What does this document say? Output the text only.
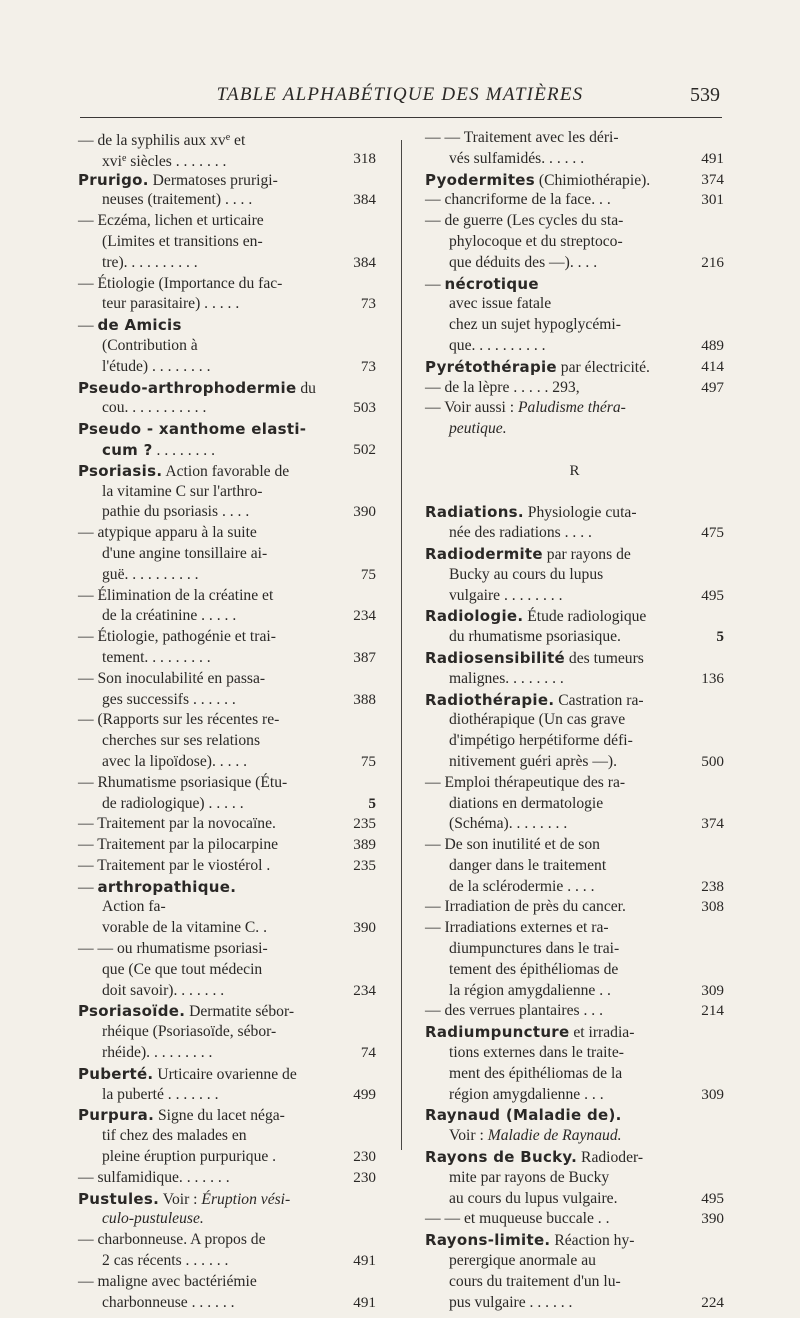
TABLE ALPHABÉTIQUE DES MATIÈRES	539
— de la syphilis aux $xv^e$ et
xvi$^e$ siècles . . . . . . .	318
Prurigo. Dermatoses prurigi-
neuses (traitement) . . . .	384
— Eczéma, lichen et urticaire
(Limites et transitions en-
tre). . . . . . . . . .	384
— Étiologie (Importance du fac-
teur parasitaire) . . . . .	73
— de Amicis
(Contribution à
l'étude) . . . . . . . .	73
Pseudo-arthrophodermie du
cou. . . . . . . . . . .	503
Pseudo - xanthome elasti-
cum ? . . . . . . . .	502
Psoriasis. Action favorable de
la vitamine C sur l'arthro-
pathie du psoriasis . . . .	390
— atypique apparu à la suite
d'une angine tonsillaire ai-
guë. . . . . . . . . .	75
— Élimination de la créatine et
de la créatinine . . . . .	234
— Étiologie, pathogénie et trai-
tement. . . . . . . . .	387
— Son inoculabilité en passa-
ges successifs . . . . . .	388
— (Rapports sur les récentes re-
cherches sur ses relations
avec la lipoïdose). . . . .	75
— Rhumatisme psoriasique (Étu-
de radiologique) . . . . .	5
— Traitement par la novocaïne.	235
— Traitement par la pilocarpine	389
— Traitement par le viostérol .	235
— arthropathique.
Action fa-
vorable de la vitamine C. .	390
— — ou rhumatisme psoriasi-
que (Ce que tout médecin
doit savoir). . . . . . .	234
Psoriasoïde. Dermatite sébor-
rhéique (Psoriasoïde, sébor-
rhéide). . . . . . . . .	74
Puberté. Urticaire ovarienne de
la puberté . . . . . . .	499
Purpura. Signe du lacet néga-
tif chez des malades en
pleine éruption purpurique .	230
— sulfamidique. . . . . . .	230
Pustules. Voir : Éruption vési-
culo-pustuleuse.
— charbonneuse. A propos de
2 cas récents . . . . . .	491
— maligne avec bactériémie
charbonneuse . . . . . .	491
— — Traitement avec les déri-
vés sulfamidés. . . . . .	491
Pyodermites (Chimiothérapie).	374
— chancriforme de la face. . .	301
— de guerre (Les cycles du sta-
phylocoque et du streptoco-
que déduits des —). . . .	216
— nécrotique
avec issue fatale
chez un sujet hypoglycémi-
que. . . . . . . . . .	489
Pyrétothérapie par électricité.	414
— de la lèpre . . . . . 293,	497
— Voir aussi : Paludisme théra-
peutique.
R
Radiations. Physiologie cuta-
née des radiations . . . .	475
Radiodermite par rayons de
Bucky au cours du lupus
vulgaire . . . . . . . .	495
Radiologie. Étude radiologique
du rhumatisme psoriasique.	5
Radiosensibilité des tumeurs
malignes. . . . . . . .	136
Radiothérapie. Castration ra-
diothérapique (Un cas grave
d'impétigo herpétiforme défi-
nitivement guéri après —).	500
— Emploi thérapeutique des ra-
diations en dermatologie
(Schéma). . . . . . . .	374
— De son inutilité et de son
danger dans le traitement
de la sclérodermie . . . .	238
— Irradiation de près du cancer.	308
— Irradiations externes et ra-
diumpunctures dans le trai-
tement des épithéliomas de
la région amygdalienne . .	309
— des verrues plantaires . . .	214
Radiumpuncture et irradia-
tions externes dans le traite-
ment des épithéliomas de la
région amygdalienne . . .	309
Raynaud (Maladie de).
Voir : Maladie de Raynaud.
Rayons de Bucky. Radioder-
mite par rayons de Bucky
au cours du lupus vulgaire.	495
— — et muqueuse buccale . .	390
Rayons-limite. Réaction hy-
perergique anormale au
cours du traitement d'un lu-
pus vulgaire . . . . . .	224
